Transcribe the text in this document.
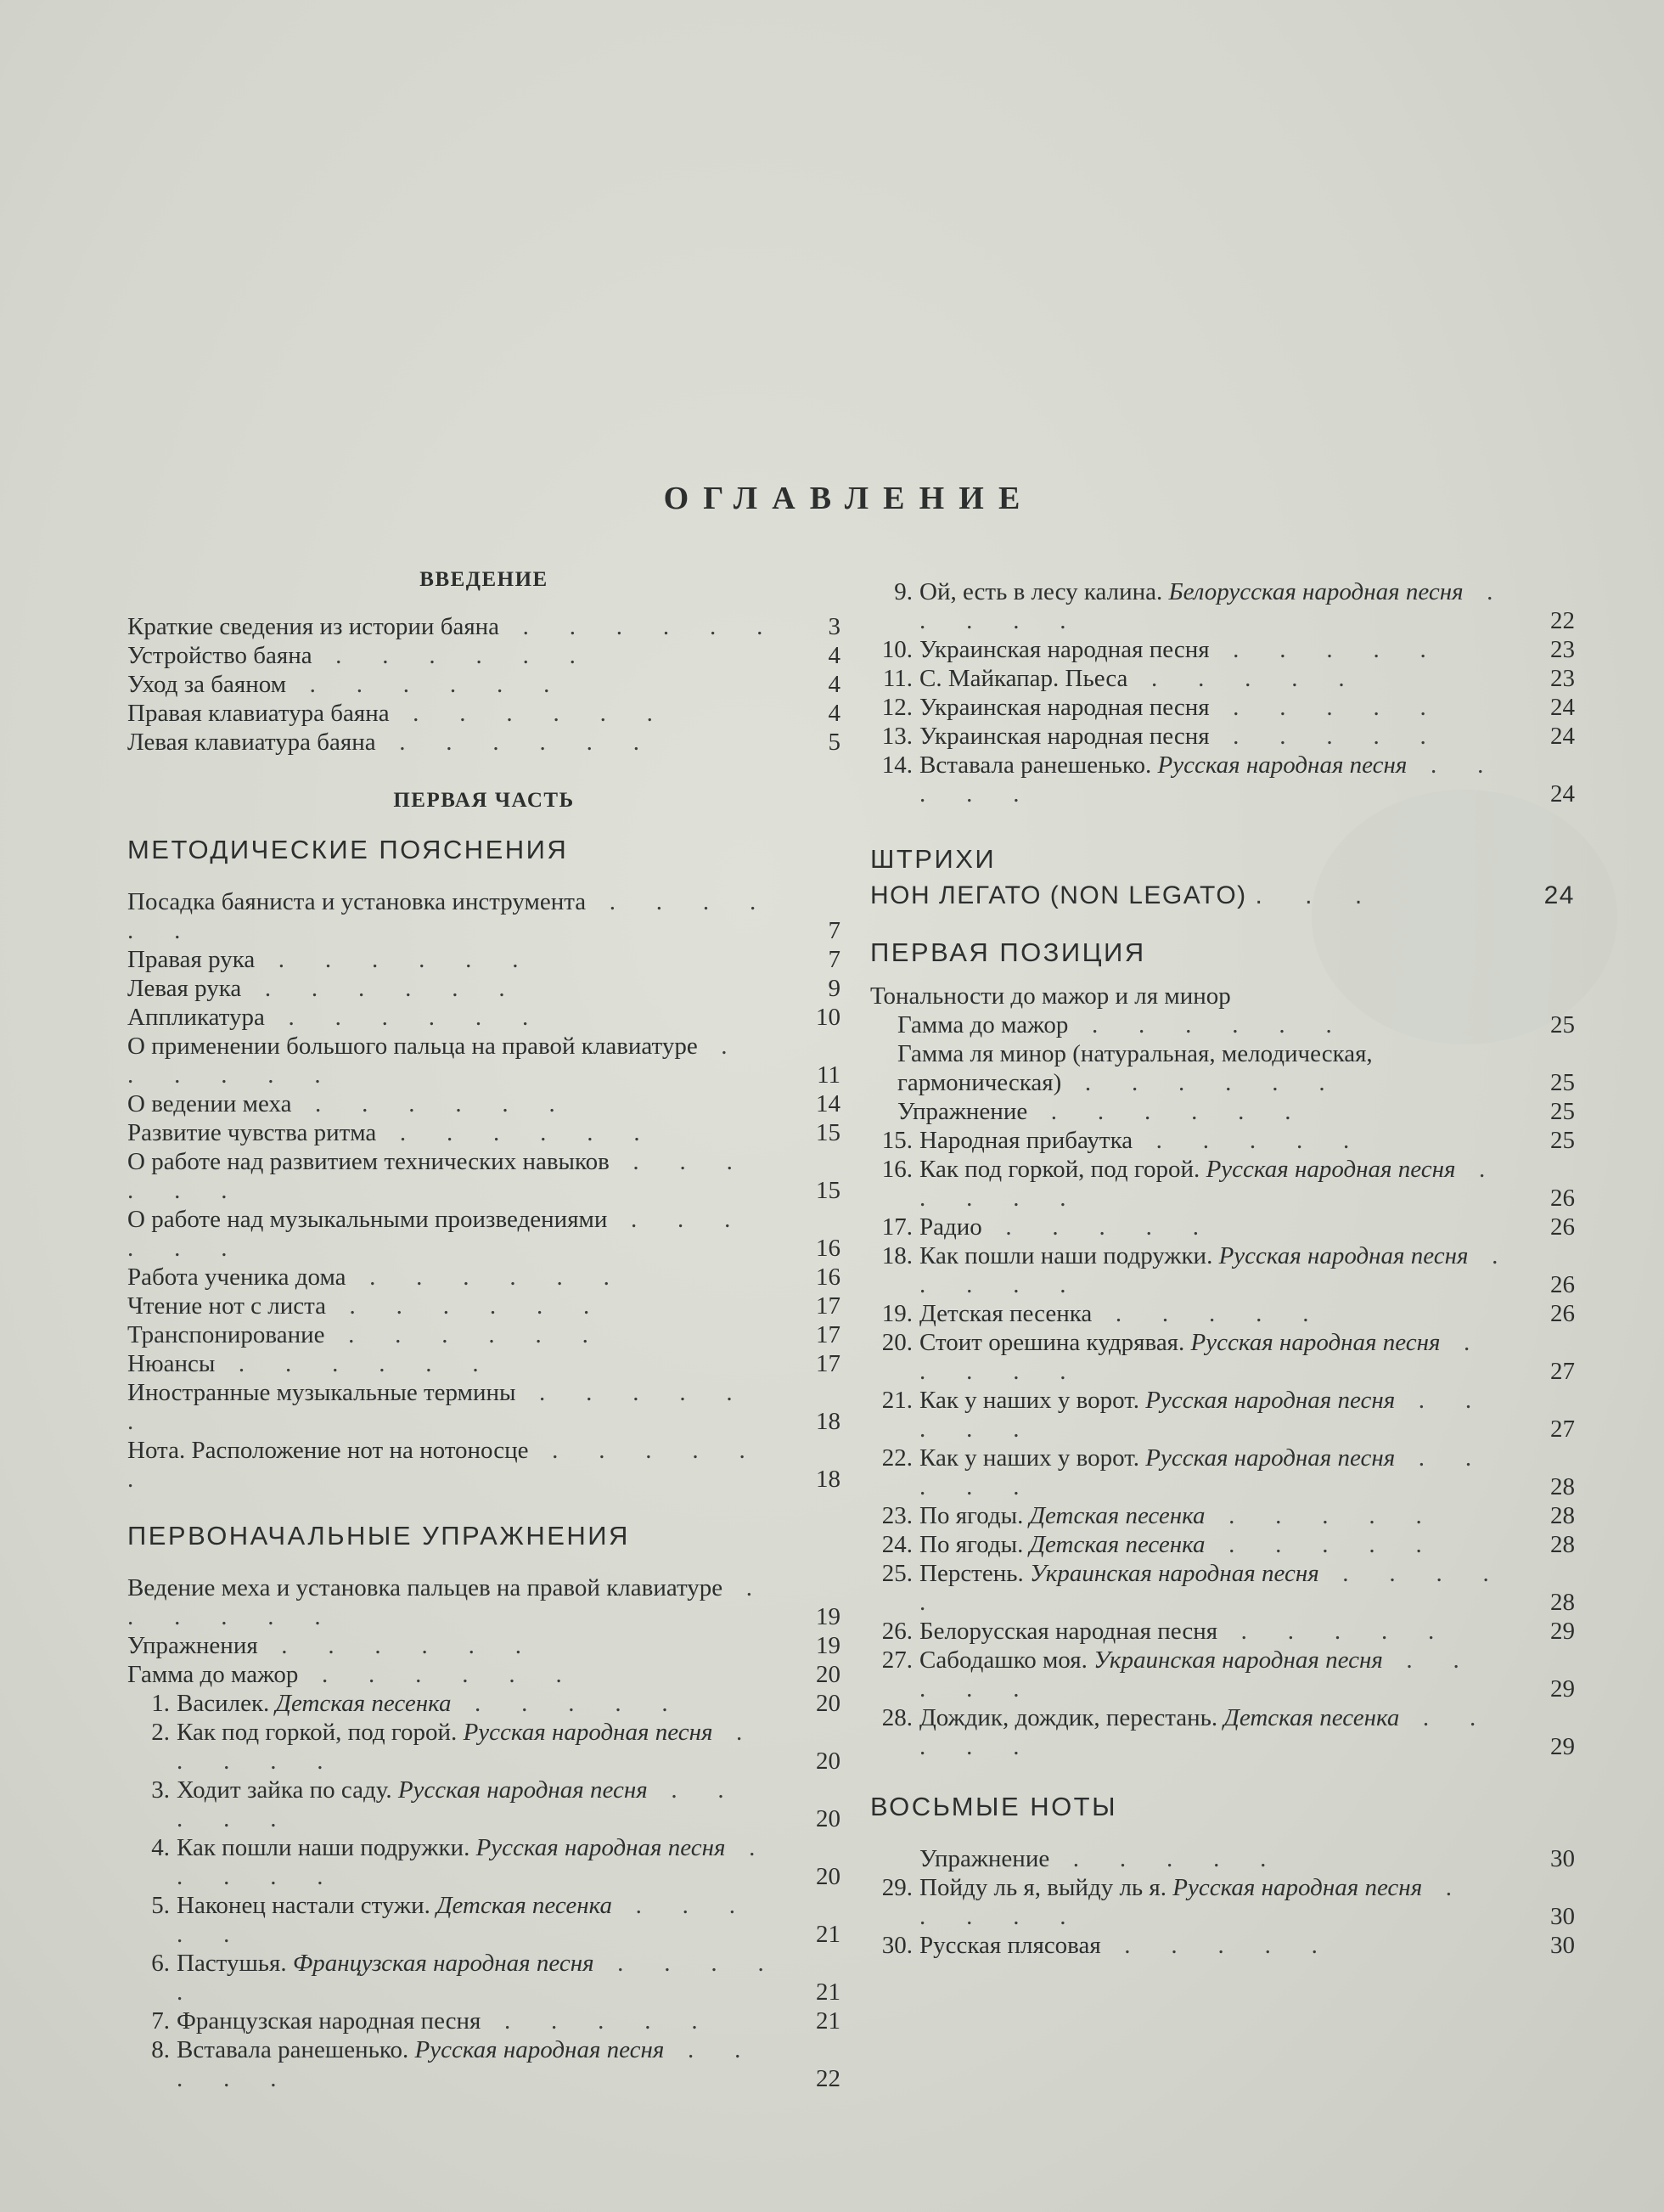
ОГЛАВЛЕНИЕ
ВВЕДЕНИЕ
Краткие сведения из истории баяна . . . . . .	3
Устройство баяна . . . . . .	4
Уход за баяном . . . . . .	4
Правая клавиатура баяна . . . . . .	4
Левая клавиатура баяна . . . . . .	5
ПЕРВАЯ ЧАСТЬ
МЕТОДИЧЕСКИЕ ПОЯСНЕНИЯ
Посадка баяниста и установка инструмента . . . . . .	7
Правая рука . . . . . .	7
Левая рука . . . . . .	9
Аппликатура . . . . . .	10
О применении большого пальца на правой клавиатуре . . . . . .	11
О ведении меха . . . . . .	14
Развитие чувства ритма . . . . . .	15
О работе над развитием технических навыков . . . . . .	15
О работе над музыкальными произведениями . . . . . .	16
Работа ученика дома . . . . . .	16
Чтение нот с листа . . . . . .	17
Транспонирование . . . . . .	17
Нюансы . . . . . .	17
Иностранные музыкальные термины . . . . . .	18
Нота. Расположение нот на нотоносце . . . . . .	18
ПЕРВОНАЧАЛЬНЫЕ УПРАЖНЕНИЯ
Ведение меха и установка пальцев на правой клавиатуре . . . . . .	19
Упражнения . . . . . .	19
Гамма до мажор . . . . . .	20
1. Василек. Детская песенка . . . . .	20
2. Как под горкой, под горой. Русская народная песня . . . . .	20
3. Ходит зайка по саду. Русская народная песня . . . . .	20
4. Как пошли наши подружки. Русская народная песня . . . . .	20
5. Наконец настали стужи. Детская песенка . . . . .	21
6. Пастушья. Французская народная песня . . . . .	21
7. Французская народная песня . . . . .	21
8. Вставала ранешенько. Русская народная песня . . . . .	22
9. Ой, есть в лесу калина. Белорусская народная песня . . . . .	22
10. Украинская народная песня . . . . .	23
11. С. Майкапар. Пьеса . . . . .	23
12. Украинская народная песня . . . . .	24
13. Украинская народная песня . . . . .	24
14. Вставала ранешенько. Русская народная песня . . . . .	24
ШТРИХИ
НОН ЛЕГАТО (NON LEGATO) . . .	24
ПЕРВАЯ ПОЗИЦИЯ
Тональности до мажор и ля минор
Гамма до мажор . . . . . .	25
Гамма ля минор (натуральная, мелодическая, гармоническая) . . . . . .	25
Упражнение . . . . . .	25
15. Народная прибаутка . . . . .	25
16. Как под горкой, под горой. Русская народная песня . . . . .	26
17. Радио . . . . .	26
18. Как пошли наши подружки. Русская народная песня . . . . .	26
19. Детская песенка . . . . .	26
20. Стоит орешина кудрявая. Русская народная песня . . . . .	27
21. Как у наших у ворот. Русская народная песня . . . . .	27
22. Как у наших у ворот. Русская народная песня . . . . .	28
23. По ягоды. Детская песенка . . . . .	28
24. По ягоды. Детская песенка . . . . .	28
25. Перстень. Украинская народная песня . . . . .	28
26. Белорусская народная песня . . . . .	29
27. Сабодашко моя. Украинская народная песня . . . . .	29
28. Дождик, дождик, перестань. Детская песенка . . . . .	29
ВОСЬМЫЕ НОТЫ
Упражнение . . . . .	30
29. Пойду ль я, выйду ль я. Русская народная песня . . . . .	30
30. Русская плясовая . . . . .	30
